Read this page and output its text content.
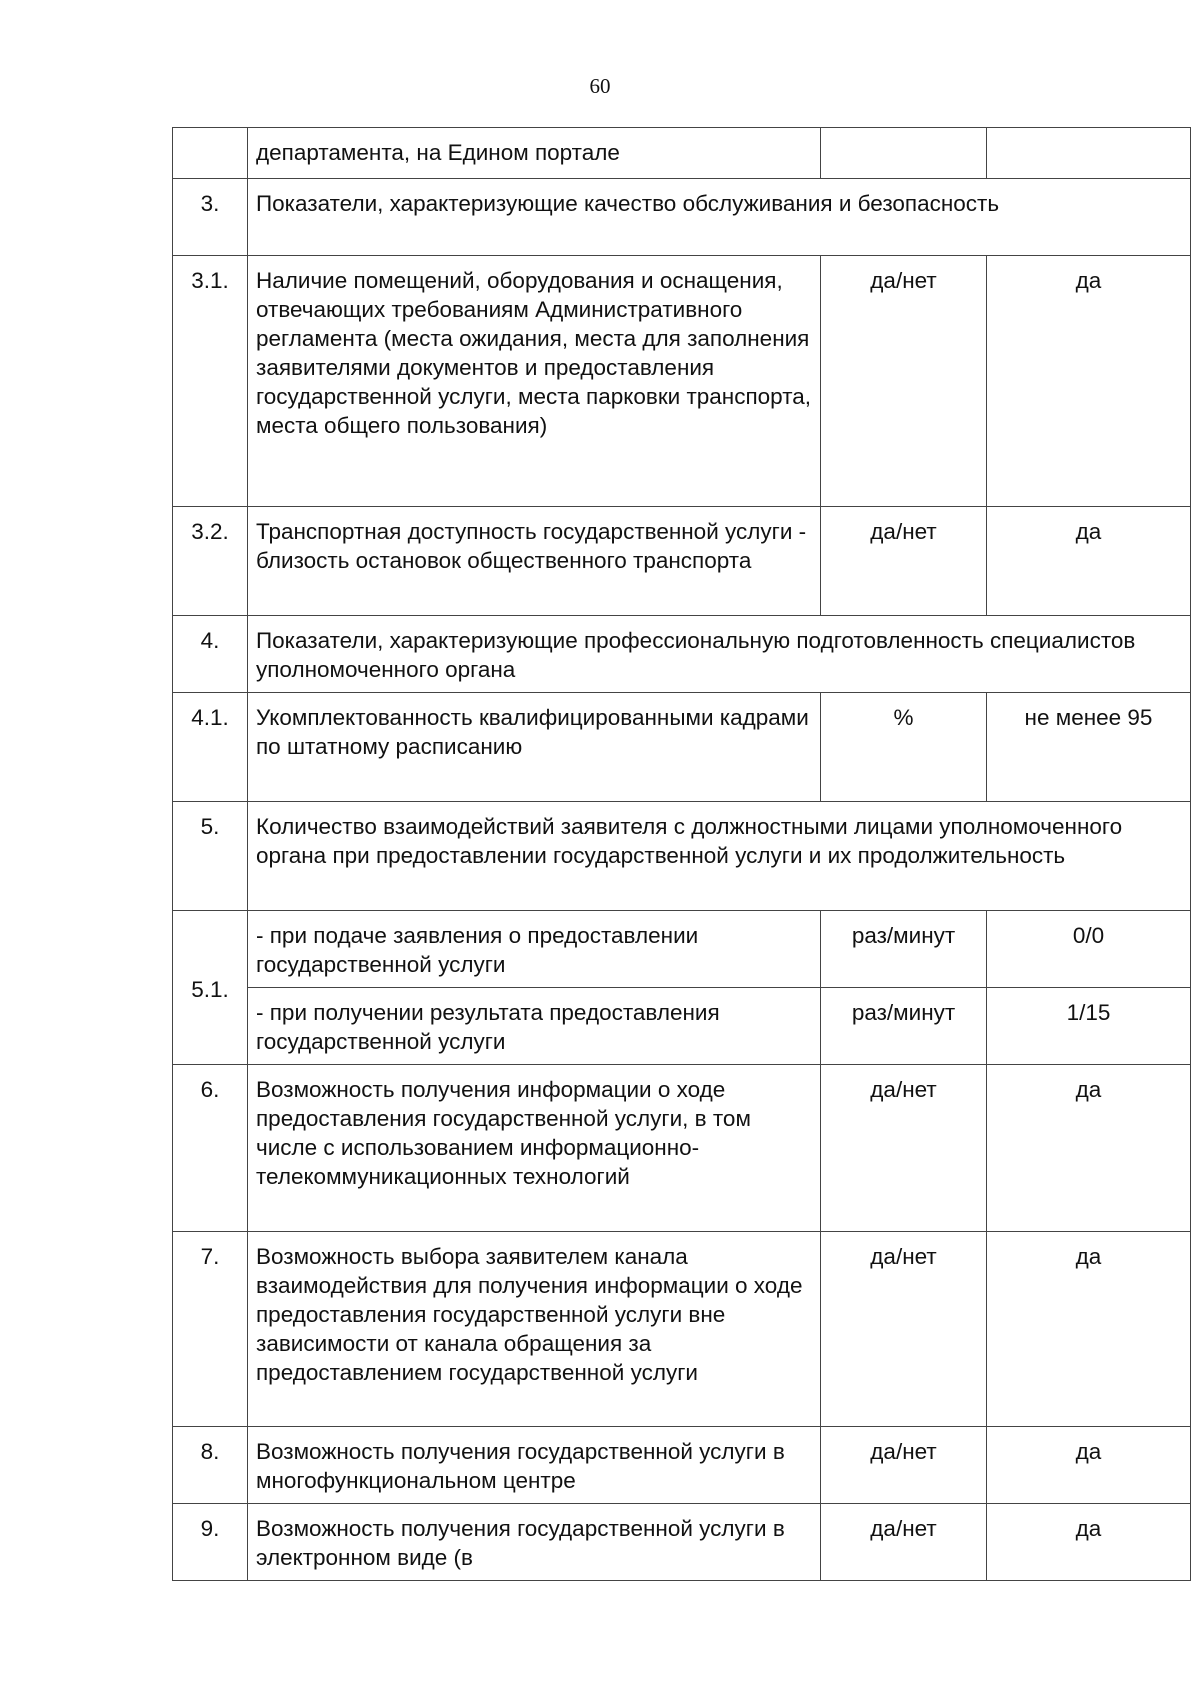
60
	департамента, на Едином портале		
3.	Показатели, характеризующие качество обслуживания и безопасность		
3.1.	Наличие помещений, оборудования и оснащения, отвечающих требованиям Административного регламента (места ожидания, места для заполнения заявителями документов и предоставления государственной услуги, места парковки транспорта, места общего пользования)	да/нет	да
3.2.	Транспортная доступность государственной услуги - близость остановок общественного транспорта	да/нет	да
4.	Показатели, характеризующие профессиональную подготовленность специалистов уполномоченного органа		
4.1.	Укомплектованность квалифицированными кадрами по штатному расписанию	%	не менее 95
5.	Количество взаимодействий заявителя с должностными лицами уполномоченного органа при предоставлении государственной услуги и их продолжительность		
5.1.	- при подаче заявления о предоставлении государственной услуги	раз/минут	0/0
	- при получении результата предоставления государственной услуги	раз/минут	1/15
6.	Возможность получения информации о ходе предоставления государственной услуги, в том числе с использованием информационно-телекоммуникационных технологий	да/нет	да
7.	Возможность выбора заявителем канала взаимодействия для получения информации о ходе предоставления государственной услуги вне зависимости от канала обращения за предоставлением государственной услуги	да/нет	да
8.	Возможность получения государственной услуги в многофункциональном центре	да/нет	да
9.	Возможность получения государственной услуги в электронном виде (в	да/нет	да
